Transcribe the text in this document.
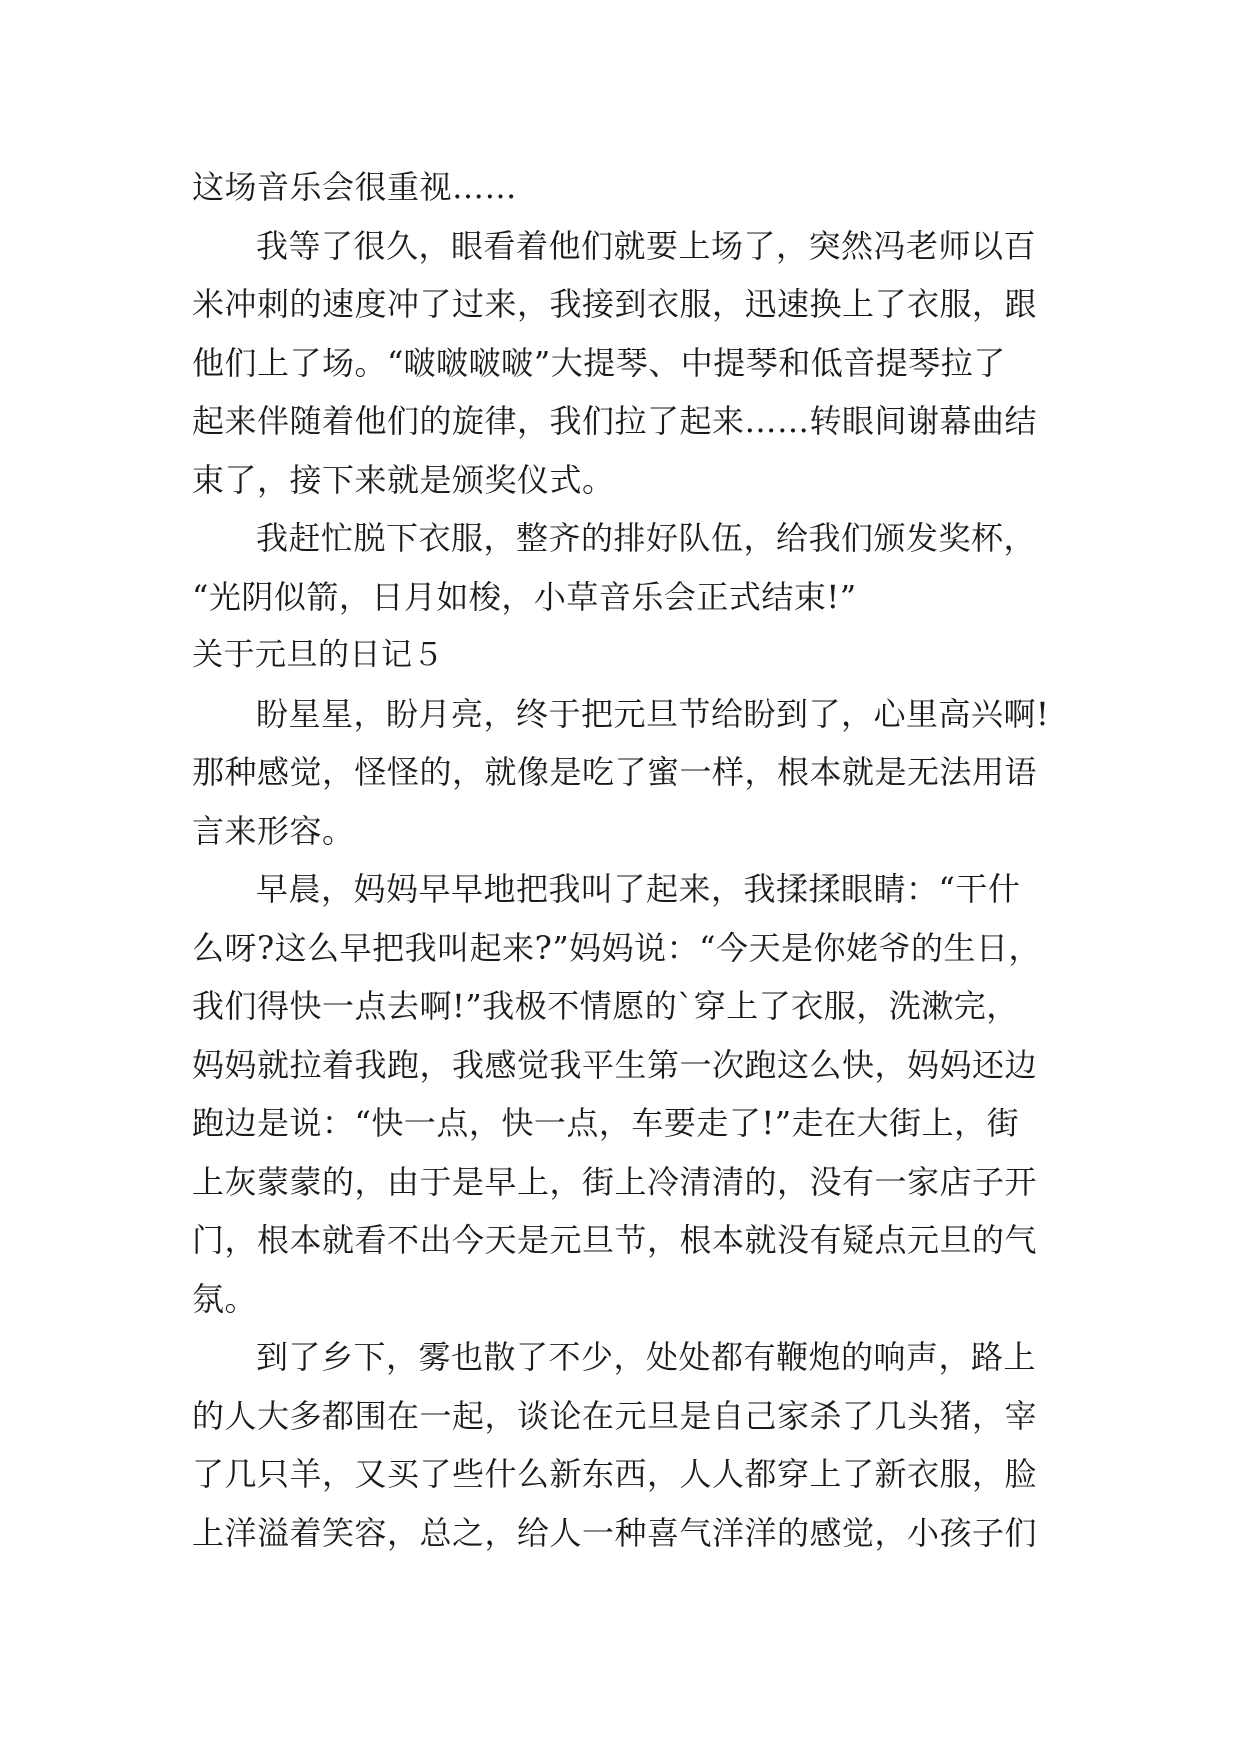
这场音乐会很重视……
我等了很久，眼看着他们就要上场了，突然冯老师以百
米冲刺的速度冲了过来，我接到衣服，迅速换上了衣服，跟
他们上了场。“啵啵啵啵”大提琴、中提琴和低音提琴拉了
起来伴随着他们的旋律，我们拉了起来……转眼间谢幕曲结
束了，接下来就是颁奖仪式。
我赶忙脱下衣服，整齐的排好队伍，给我们颁发奖杯，
“光阴似箭，日月如梭，小草音乐会正式结束!”
关于元旦的日记５
盼星星，盼月亮，终于把元旦节给盼到了，心里高兴啊!
那种感觉，怪怪的，就像是吃了蜜一样，根本就是无法用语
言来形容。
早晨，妈妈早早地把我叫了起来，我揉揉眼睛：“干什
么呀?这么早把我叫起来?”妈妈说：“今天是你姥爷的生日，
我们得快一点去啊!”我极不情愿的`穿上了衣服，洗漱完，
妈妈就拉着我跑，我感觉我平生第一次跑这么快，妈妈还边
跑边是说：“快一点，快一点，车要走了!”走在大街上，街
上灰蒙蒙的，由于是早上，街上冷清清的，没有一家店子开
门，根本就看不出今天是元旦节，根本就没有疑点元旦的气
氛。
到了乡下，雾也散了不少，处处都有鞭炮的响声，路上
的人大多都围在一起，谈论在元旦是自己家杀了几头猪，宰
了几只羊，又买了些什么新东西，人人都穿上了新衣服，脸
上洋溢着笑容，总之，给人一种喜气洋洋的感觉，小孩子们
